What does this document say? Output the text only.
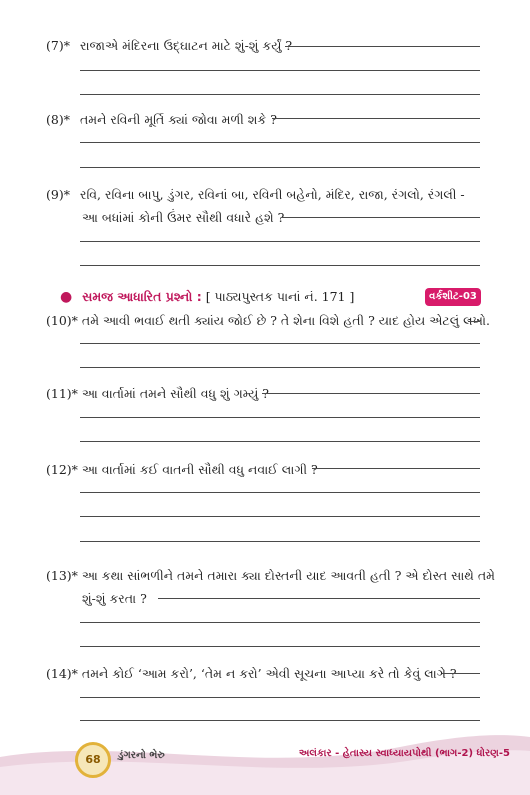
(7)* રાજાએ મંદિરના ઉદ્‌ઘાટન માટે શું-શું કર્યું ?
(8)* તમને રવિની મૂર્તિ ક્યાં જોવા મળી શકે ?
(9)* રવિ, રવિના બાપુ, ડુંગર, રવિનાં બા, રવિની બહેનો, મંદિર, રાજા, રંગલો, રંગલી -
આ બધાંમાં કોની ઉંમર સૌથી વધારે હશે ?
● સમજ આધારિત પ્રશ્નો : [ પાઠ્યપુસ્તક પાનાં નં. 171 ]	વર્કશીટ-03
(10)* તમે આવી ભવાઈ થતી ક્યાંય જોઈ છે ? તે શેના વિશે હતી ? યાદ હોય એટલું લખો.
(11)* આ વાર્તામાં તમને સૌથી વધુ શું ગમ્યું ?
(12)* આ વાર્તામાં કઈ વાતની સૌથી વધુ નવાઈ લાગી ?
(13)* આ કથા સાંભળીને તમને તમારા ક્યા દોસ્તની યાદ આવતી હતી ? એ દોસ્ત સાથે તમે
શું-શું કરતા ?
(14)* તમને કોઈ ‘આમ કરો’, ‘તેમ ન કરો’ એવી સૂચના આપ્યા કરે તો કેવું લાગે ?
68	ડુંગરનો ભેરુ	અલંકાર - હેતાસ્ય સ્વાધ્યાયપોથી (ભાગ-2) ધોરણ-5
